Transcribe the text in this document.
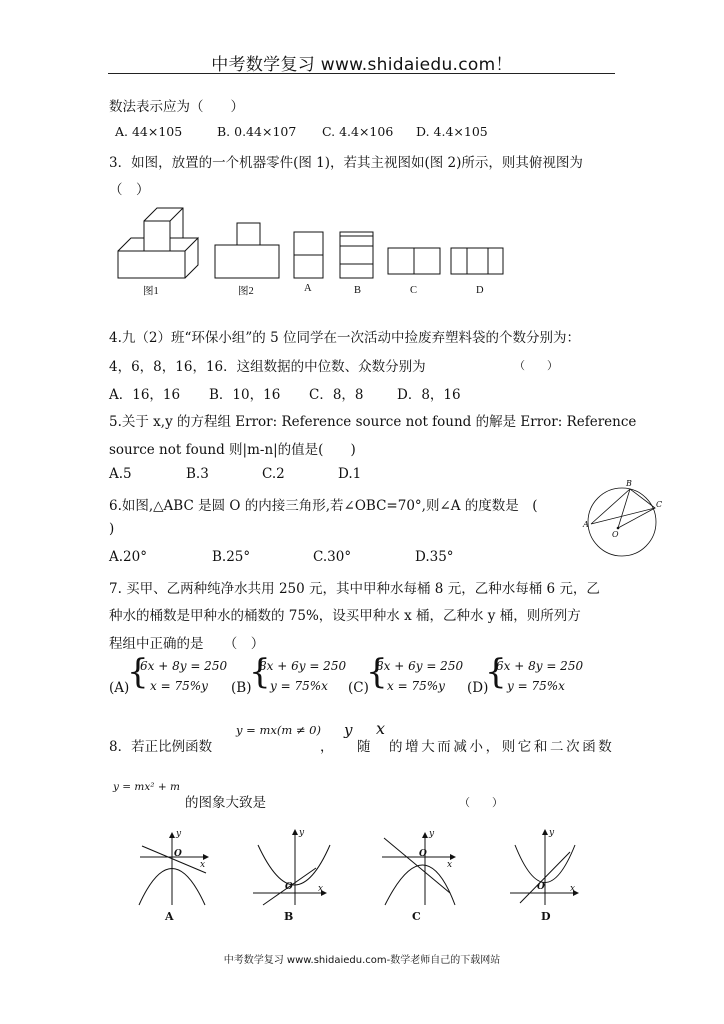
中考数学复习 www.shidaiedu.com！
数法表示应为（　　）
A. 44×105	B. 0.44×107 C. 4.4×106 D. 4.4×105
3．如图，放置的一个机器零件(图 1)，若其主视图如(图 2)所示，则其俯视图为
（　）
图1	图2	A	B	C	D
4.九（2）班“环保小组”的 5 位同学在一次活动中捡废弃塑料袋的个数分别为：
4，6，8，16，16．这组数据的中位数、众数分别为	（　　）
A．16，16 B．10，16 C．8，8 D．8，16
5.关于 x,y 的方程组 Error: Reference source not found 的解是 Error: Reference
source not found 则|m-n|的值是(　　)
A.5	B.3	C.2	D.1
6.如图,△ABC 是圆 O 的内接三角形,若∠OBC=70°,则∠A 的度数是　(
)
B
C
A
O
A.20°	B.25°	C.30°	D.35°
7. 买甲、乙两种纯净水共用 250 元，其中甲种水每桶 8 元，乙种水每桶 6 元，乙
种水的桶数是甲种水的桶数的 75%，设买甲种水 x 桶，乙种水 y 桶，则所列方
程组中正确的是　　（　）
(A)
{
6x + 8y = 250
x = 75%y (B)
{
8x + 6y = 250
y = 75%x (C)
{
8x + 6y = 250
x = 75%y (D)
{
6x + 8y = 250
y = 75%x
8．若正比例函数
y = mx(m ≠ 0)
，
y
随
x
的增大而减小，则它和二次函数
y = mx² + m
的图象大致是	（　　）
y
x
O
y
x
O
y
x
O
y
x
O
A	B	C	D
中考数学复习 www.shidaiedu.com-数学老师自己的下载网站
